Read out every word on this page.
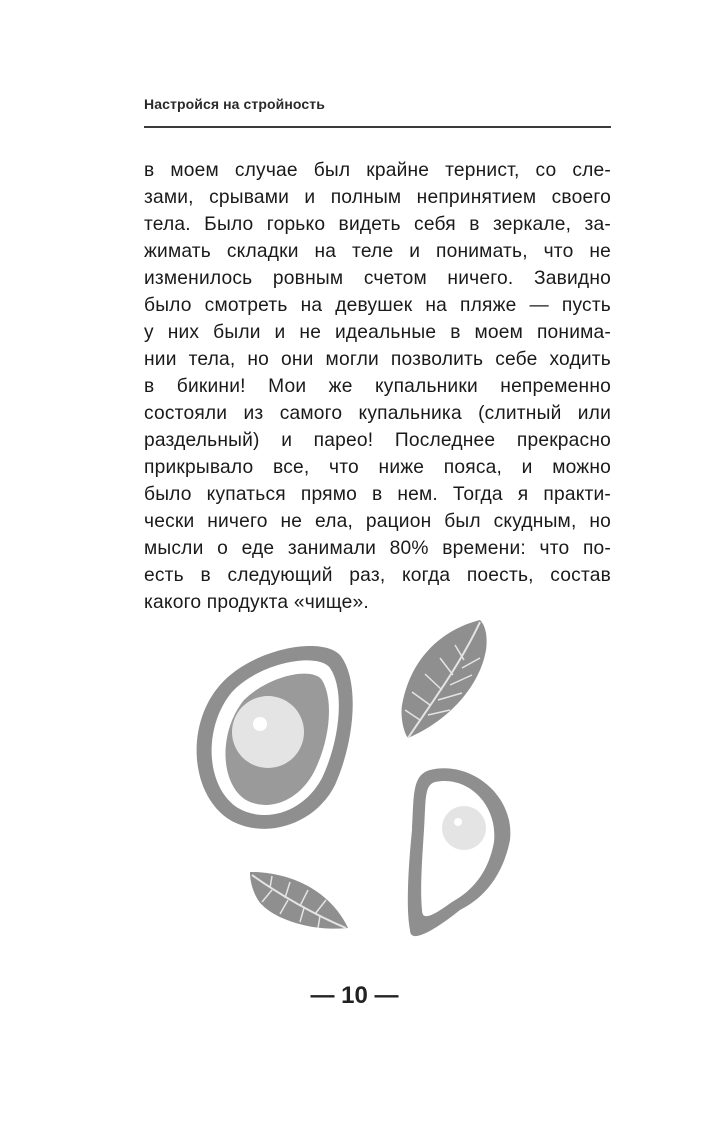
Настройся на стройность
в моем случае был крайне тернист, со сле-
зами, срывами и полным непринятием своего
тела. Было горько видеть себя в зеркале, за-
жимать складки на теле и понимать, что не
изменилось ровным счетом ничего. Завидно
было смотреть на девушек на пляже — пусть
у них были и не идеальные в моем понима-
нии тела, но они могли позволить себе ходить
в бикини! Мои же купальники непременно
состояли из самого купальника (слитный или
раздельный) и парео! Последнее прекрасно
прикрывало все, что ниже пояса, и можно
было купаться прямо в нем. Тогда я практи-
чески ничего не ела, рацион был скудным, но
мысли о еде занимали 80% времени: что по-
есть в следующий раз, когда поесть, состав
какого продукта «чище».
— 10 —
